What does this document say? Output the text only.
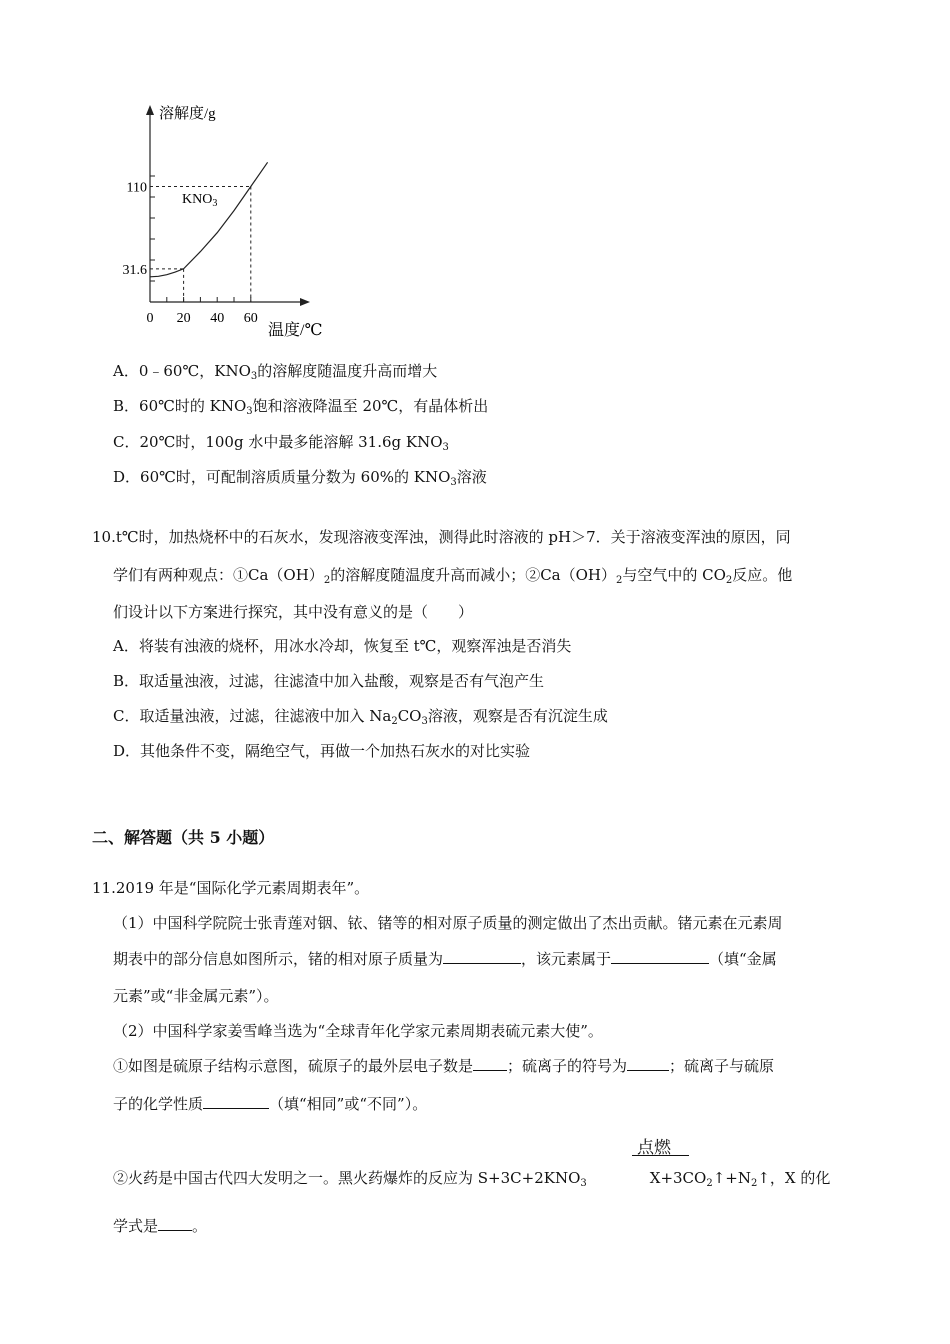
溶解度/g
温度/℃
$KNO_3$
0 20 40 60
31.6
110
A．0﹣60℃，$KNO_3$的溶解度随温度升高而增大
B．60℃时的 $KNO_3$饱和溶液降温至 20℃，有晶体析出
C．20℃时，100g 水中最多能溶解 31.6g $KNO_3$
D．60℃时，可配制溶质质量分数为 60%的 $KNO_3$溶液
10.t℃时，加热烧杯中的石灰水，发现溶液变浑浊，测得此时溶液的 pH＞7．关于溶液变浑浊的原因，同
学们有两种观点：$①Ca(OH)_2$的溶解度随温度升高而减小；$②Ca(OH)_2$与空气中的 $CO_2$反应。他
们设计以下方案进行探究，其中没有意义的是（　　）
A．将装有浊液的烧杯，用冰水冷却，恢复至 t℃，观察浑浊是否消失
B．取适量浊液，过滤，往滤渣中加入盐酸，观察是否有气泡产生
C．取适量浊液，过滤，往滤液中加入 $Na_2CO_3$溶液，观察是否有沉淀生成
D．其他条件不变，隔绝空气，再做一个加热石灰水的对比实验
二、解答题（共 5 小题）
11.2019 年是“国际化学元素周期表年”。
（1）中国科学院院士张青莲对铟、铱、锗等的相对原子质量的测定做出了杰出贡献。锗元素在元素周
期表中的部分信息如图所示，锗的相对原子质量为	，该元素属于	（填“金属
元素”或“非金属元素”）。
（2）中国科学家姜雪峰当选为“全球青年化学家元素周期表硫元素大使”。
①如图是硫原子结构示意图，硫原子的最外层电子数是 ；硫离子的符号为	；硫离子与硫原
子的化学性质	（填“相同”或“不同”）。
点燃
②火药是中国古代四大发明之一。黑火药爆炸的反应为 $S+3C+2KNO_3$	$X+3CO_2↑+N_2↑$，X 的化
学式是 。
